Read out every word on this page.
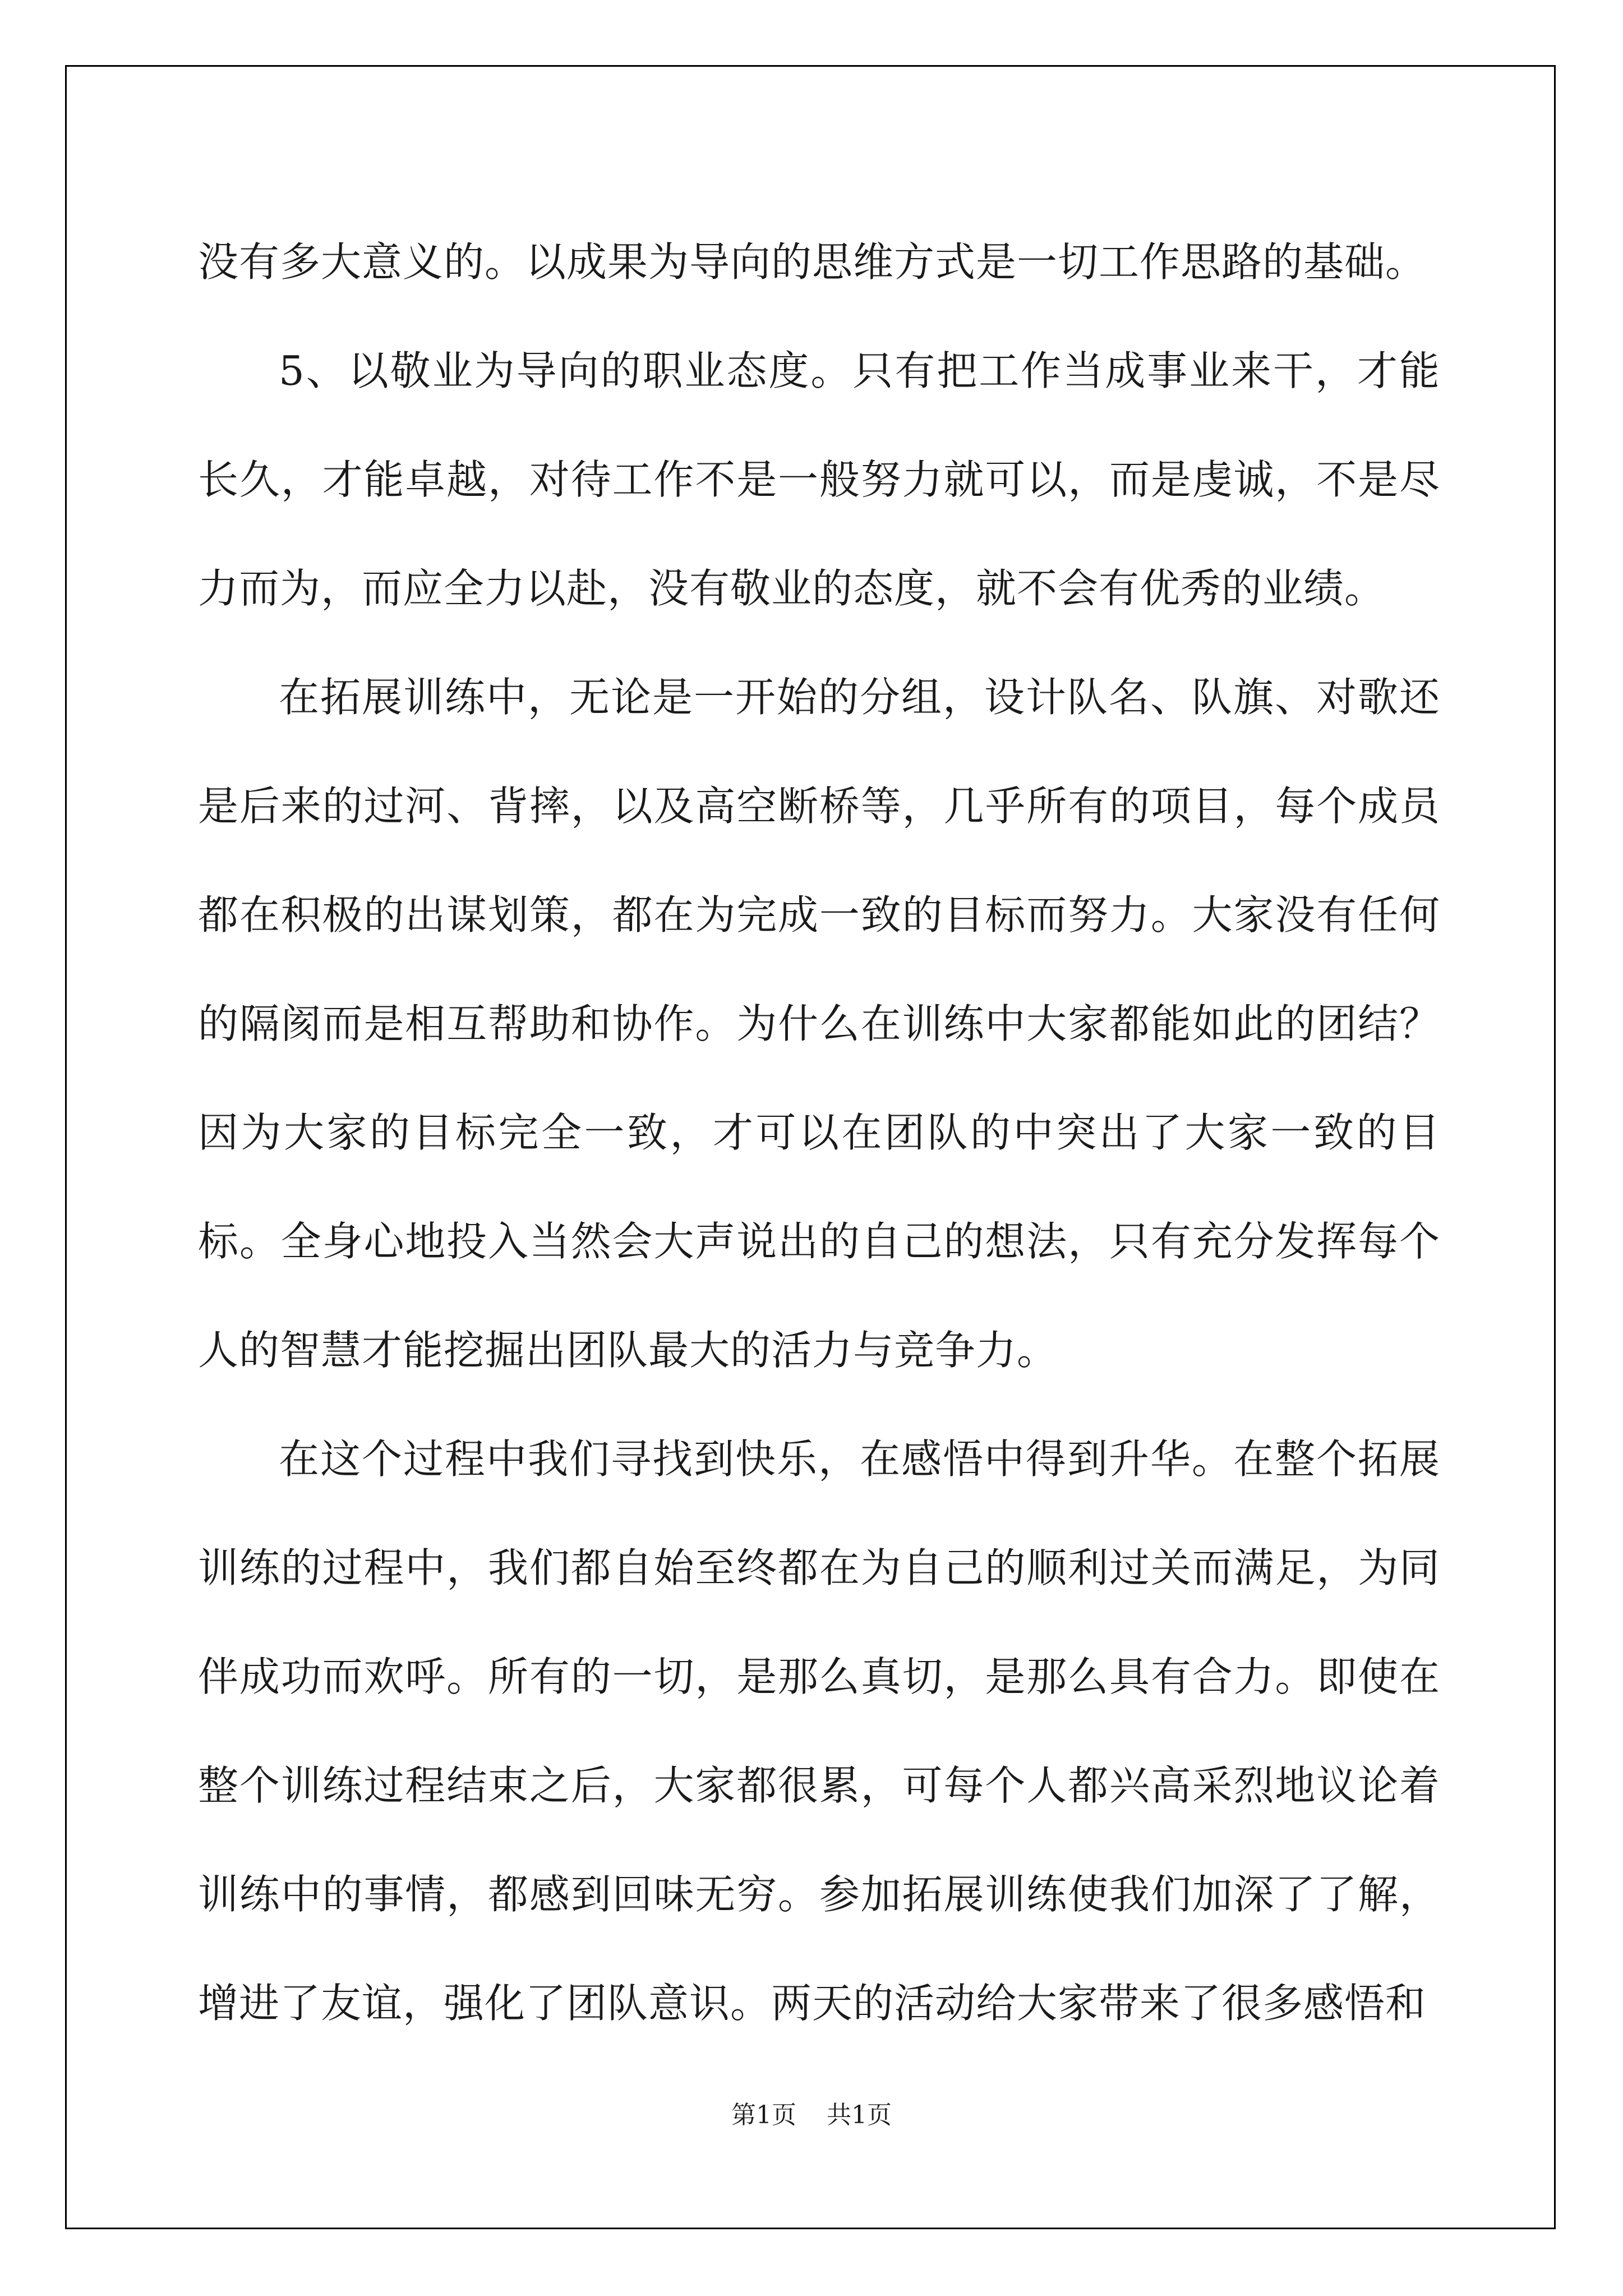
没有多大意义的。以成果为导向的思维方式是一切工作思路的基础。

5、以敬业为导向的职业态度。只有把工作当成事业来干，才能长久，才能卓越，对待工作不是一般努力就可以，而是虔诚，不是尽力而为，而应全力以赴，没有敬业的态度，就不会有优秀的业绩。

在拓展训练中，无论是一开始的分组，设计队名、队旗、对歌还是后来的过河、背摔，以及高空断桥等，几乎所有的项目，每个成员都在积极的出谋划策，都在为完成一致的目标而努力。大家没有任何的隔阂而是相互帮助和协作。为什么在训练中大家都能如此的团结？因为大家的目标完全一致，才可以在团队的中突出了大家一致的目标。全身心地投入当然会大声说出的自己的想法，只有充分发挥每个人的智慧才能挖掘出团队最大的活力与竞争力。

在这个过程中我们寻找到快乐，在感悟中得到升华。在整个拓展训练的过程中，我们都自始至终都在为自己的顺利过关而满足，为同伴成功而欢呼。所有的一切，是那么真切，是那么具有合力。即使在整个训练过程结束之后，大家都很累，可每个人都兴高采烈地议论着训练中的事情，都感到回味无穷。参加拓展训练使我们加深了了解，增进了友谊，强化了团队意识。两天的活动给大家带来了很多感悟和

第1页 共1页
